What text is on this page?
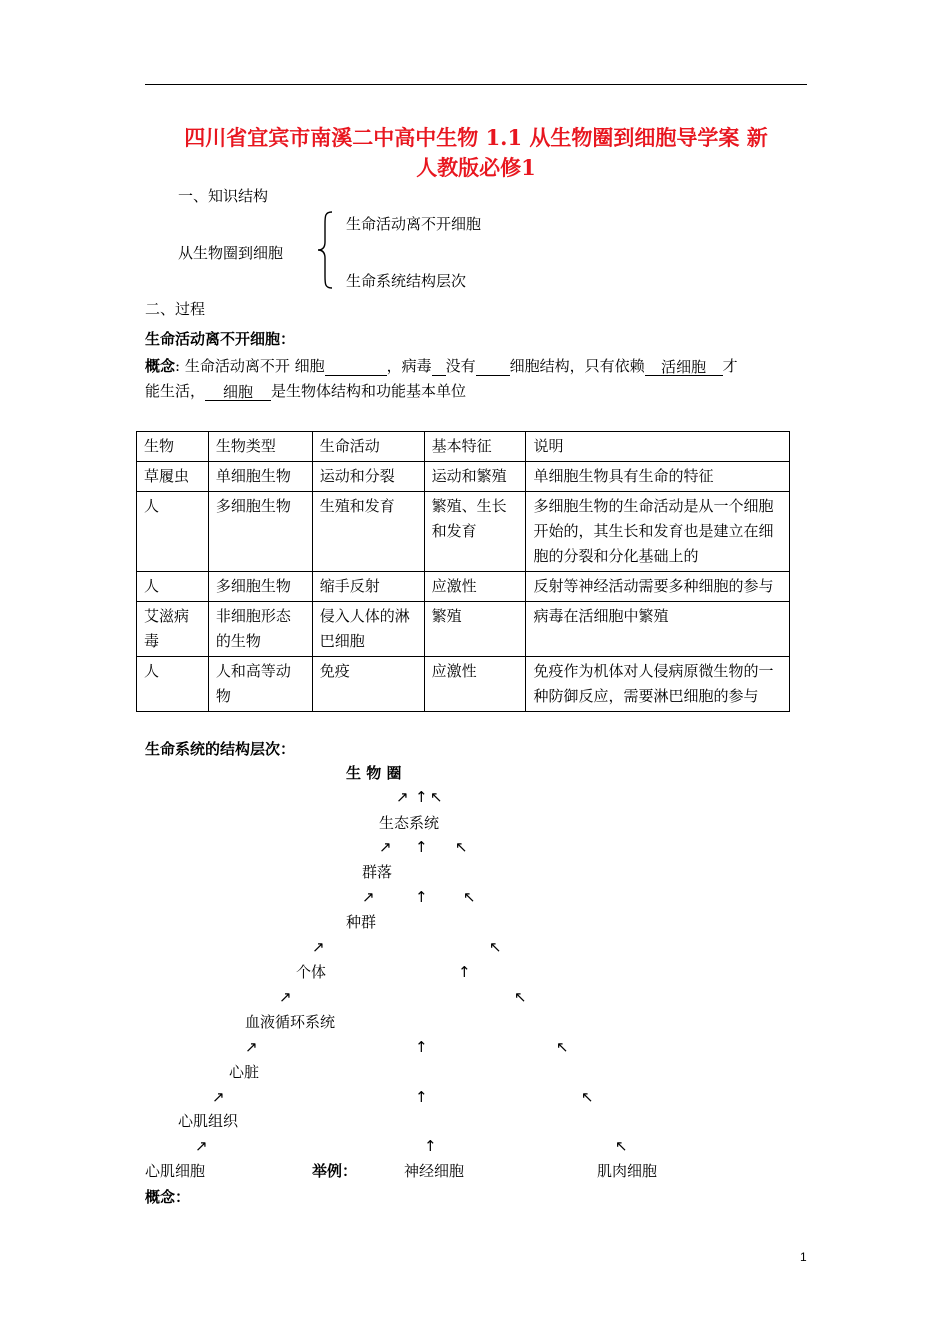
四川省宜宾市南溪二中高中生物 1.1 从生物圈到细胞导学案 新
人教版必修1
一、知识结构
从生物圈到细胞
生命活动离不开细胞
生命系统结构层次
二、过程
生命活动离不开细胞：
概念: 生命活动离不开 细胞	，病毒 没有 细胞结构，只有依赖 活细胞 才
能生活， 细胞 是生物体结构和功能基本单位
生物	生物类型	生命活动	基本特征	说明
草履虫	单细胞生物	运动和分裂	运动和繁殖	单细胞生物具有生命的特征
人	多细胞生物	生殖和发育	繁殖、生长和发育	多细胞生物的生命活动是从一个细胞开始的，其生长和发育也是建立在细胞的分裂和分化基础上的
人	多细胞生物	缩手反射	应激性	反射等神经活动需要多种细胞的参与
艾滋病毒	非细胞形态的生物	侵入人体的淋巴细胞	繁殖	病毒在活细胞中繁殖
人	人和高等动物	免疫	应激性	免疫作为机体对人侵病原微生物的一种防御反应，需要淋巴细胞的参与
生命系统的结构层次：
生 物 圈
生态系统
群落
种群
个体
血液循环系统
心脏
心肌组织
心肌细胞	举例：	神经细胞	肌肉细胞
↗
↗
↗
↗
↗
↗
↗
↗
↑
↑
↑
↑
↑
↑
↑
↖
↖
↖
↖
↖
↖
↖
↖
概念：
1
